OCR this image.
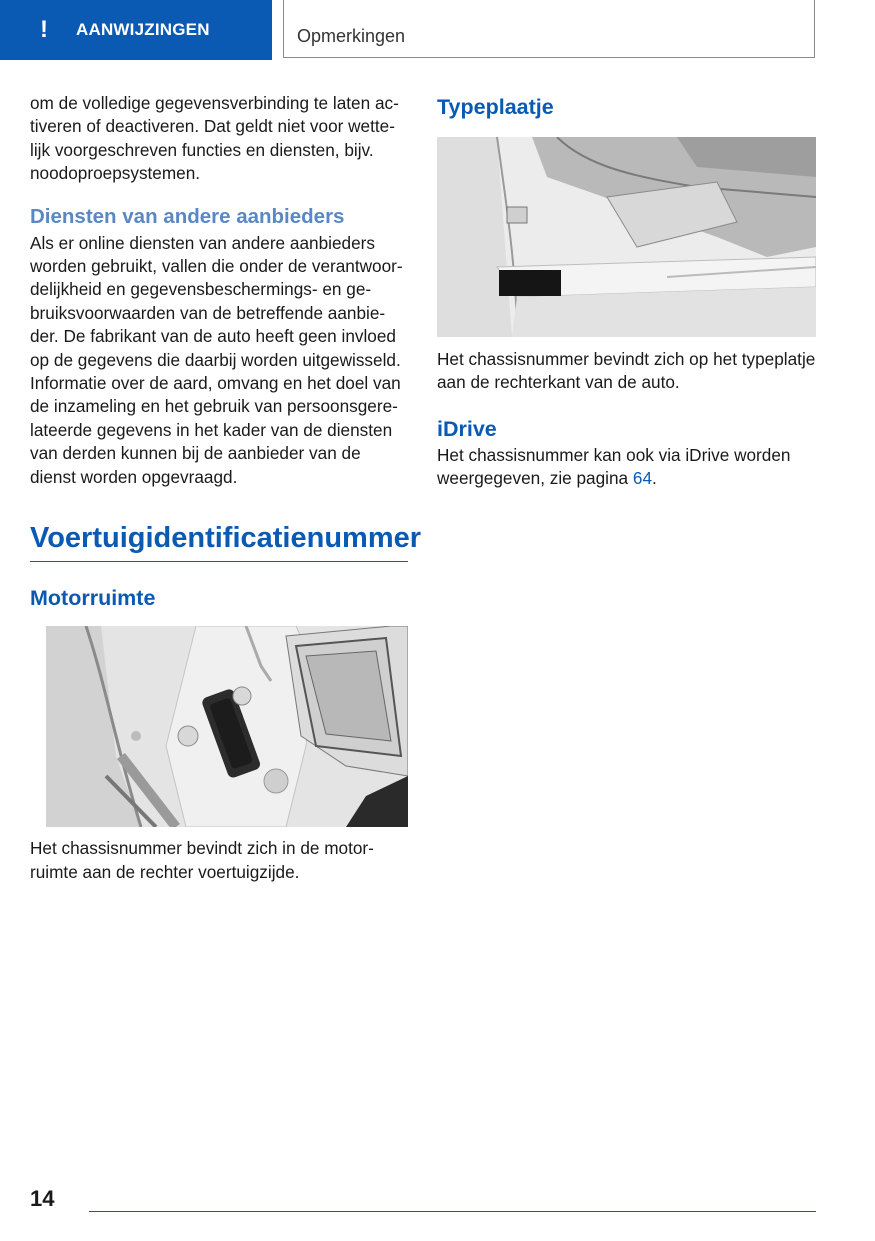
!	AANWIJZINGEN	Opmerkingen

om de volledige gegevensverbinding te laten activeren of deactiveren. Dat geldt niet voor wettelijk voorgeschreven functies en diensten, bijv. noodoproepsystemen.

Diensten van andere aanbieders

Als er online diensten van andere aanbieders worden gebruikt, vallen die onder de verantwoordelijkheid en gegevensbeschermings- en gebruiksvoorwaarden van de betreffende aanbieder. De fabrikant van de auto heeft geen invloed op de gegevens die daarbij worden uitgewisseld. Informatie over de aard, omvang en het doel van de inzameling en het gebruik van persoonsgerelateerde gegevens in het kader van de diensten van derden kunnen bij de aanbieder van de dienst worden opgevraagd.

Voertuigidentificatienummer
Motorruimte

Het chassisnummer bevindt zich in de motorruimte aan de rechter voertuigzijde.

Typeplaatje

Het chassisnummer bevindt zich op het typeplatje aan de rechterkant van de auto.

iDrive

Het chassisnummer kan ook via iDrive worden weergegeven, zie pagina 64.

14
